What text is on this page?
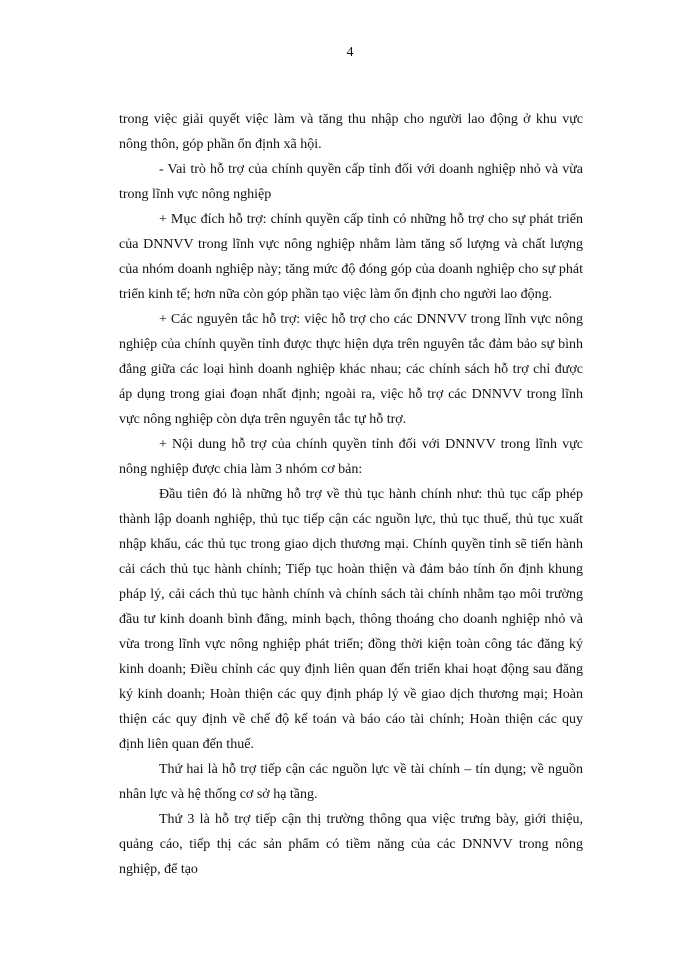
4

trong việc giải quyết việc làm và tăng thu nhập cho người lao động ở khu vực nông thôn, góp phần ổn định xã hội.

- Vai trò hỗ trợ của chính quyền cấp tỉnh đối với doanh nghiệp nhỏ và vừa trong lĩnh vực nông nghiệp

+ Mục đích hỗ trợ: chính quyền cấp tỉnh có những hỗ trợ cho sự phát triển của DNNVV trong lĩnh vực nông nghiệp nhằm làm tăng số lượng và chất lượng của nhóm doanh nghiệp này; tăng mức độ đóng góp của doanh nghiệp cho sự phát triển kinh tế; hơn nữa còn góp phần tạo việc làm ổn định cho người lao động.

+ Các nguyên tắc hỗ trợ: việc hỗ trợ cho các DNNVV trong lĩnh vực nông nghiệp của chính quyền tỉnh được thực hiện dựa trên nguyên tắc đảm bảo sự bình đẳng giữa các loại hình doanh nghiệp khác nhau; các chính sách hỗ trợ chỉ được áp dụng trong giai đoạn nhất định; ngoài ra, việc hỗ trợ các DNNVV trong lĩnh vực nông nghiệp còn dựa trên nguyên tắc tự hỗ trợ.

+ Nội dung hỗ trợ của chính quyền tỉnh đối với DNNVV trong lĩnh vực nông nghiệp được chia làm 3 nhóm cơ bản:

Đầu tiên đó là những hỗ trợ về thủ tục hành chính như: thủ tục cấp phép thành lập doanh nghiệp, thủ tục tiếp cận các nguồn lực, thủ tục thuế, thủ tục xuất nhập khẩu, các thủ tục trong giao dịch thương mại. Chính quyền tỉnh sẽ tiến hành cải cách thủ tục hành chính; Tiếp tục hoàn thiện và đảm bảo tính ổn định khung pháp lý, cải cách thủ tục hành chính và chính sách tài chính nhằm tạo môi trường đầu tư kinh doanh bình đẳng, minh bạch, thông thoáng cho doanh nghiệp nhỏ và vừa trong lĩnh vực nông nghiệp phát triển; đồng thời kiện toàn công tác đăng ký kinh doanh; Điều chỉnh các quy định liên quan đến triển khai hoạt động sau đăng ký kinh doanh; Hoàn thiện các quy định pháp lý về giao dịch thương mại; Hoàn thiện các quy định về chế độ kế toán và báo cáo tài chính; Hoàn thiện các quy định liên quan đến thuế.

Thứ hai là hỗ trợ tiếp cận các nguồn lực về tài chính – tín dụng; về nguồn nhân lực và hệ thống cơ sở hạ tầng.

Thứ 3 là hỗ trợ tiếp cận thị trường thông qua việc trưng bày, giới thiệu, quảng cáo, tiếp thị các sản phẩm có tiềm năng của các DNNVV trong nông nghiệp, để tạo
